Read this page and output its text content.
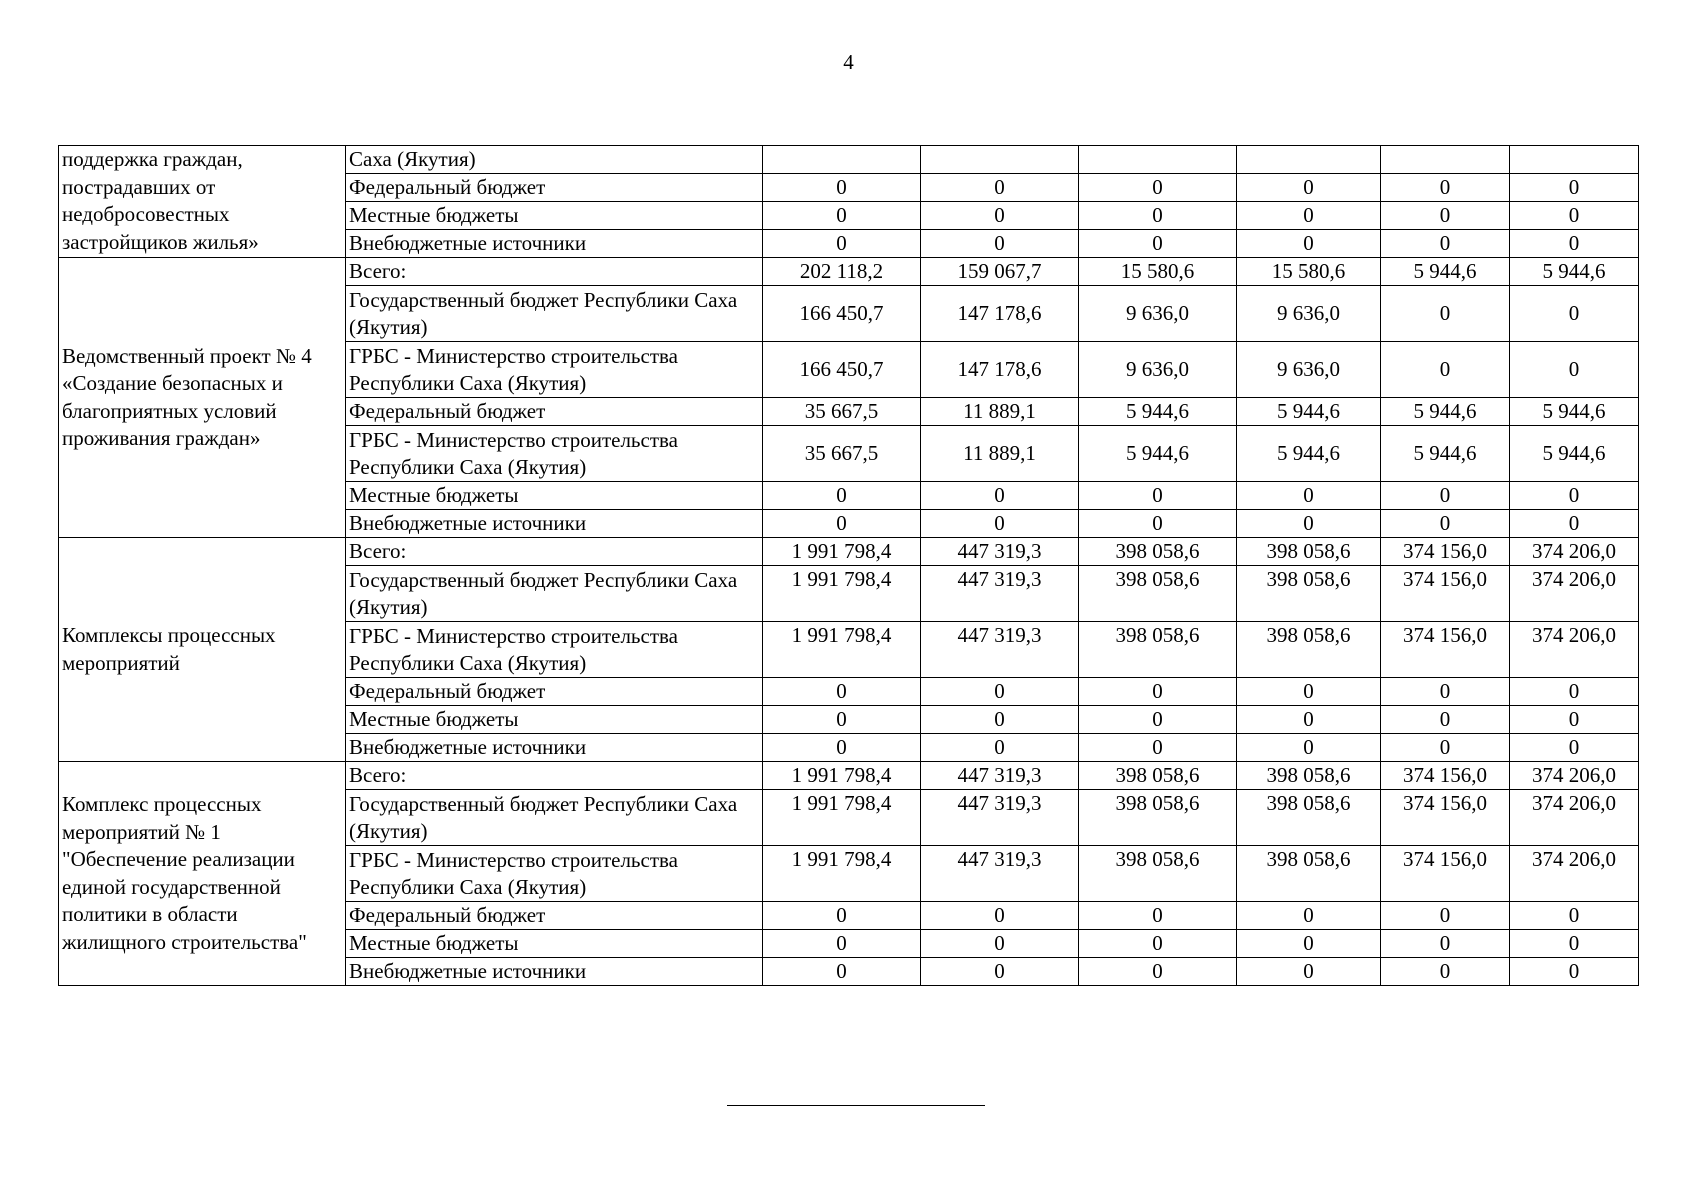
4
поддержка граждан, пострадавших от недобросовестных застройщиков жилья»	Саха (Якутия)						
	Федеральный бюджет	0	0	0	0	0	0
	Местные бюджеты	0	0	0	0	0	0
	Внебюджетные источники	0	0	0	0	0	0
Ведомственный проект № 4 «Создание безопасных и благоприятных условий проживания граждан»	Всего:	202 118,2	159 067,7	15 580,6	15 580,6	5 944,6	5 944,6
	Государственный бюджет Республики Саха (Якутия)	166 450,7	147 178,6	9 636,0	9 636,0	0	0
	ГРБС - Министерство строительства Республики Саха (Якутия)	166 450,7	147 178,6	9 636,0	9 636,0	0	0
	Федеральный бюджет	35 667,5	11 889,1	5 944,6	5 944,6	5 944,6	5 944,6
	ГРБС - Министерство строительства Республики Саха (Якутия)	35 667,5	11 889,1	5 944,6	5 944,6	5 944,6	5 944,6
	Местные бюджеты	0	0	0	0	0	0
	Внебюджетные источники	0	0	0	0	0	0
Комплексы процессных мероприятий	Всего:	1 991 798,4	447 319,3	398 058,6	398 058,6	374 156,0	374 206,0
	Государственный бюджет Республики Саха (Якутия)	1 991 798,4	447 319,3	398 058,6	398 058,6	374 156,0	374 206,0
	ГРБС - Министерство строительства Республики Саха (Якутия)	1 991 798,4	447 319,3	398 058,6	398 058,6	374 156,0	374 206,0
	Федеральный бюджет	0	0	0	0	0	0
	Местные бюджеты	0	0	0	0	0	0
	Внебюджетные источники	0	0	0	0	0	0
Комплекс процессных мероприятий № 1 "Обеспечение реализации единой государственной политики в области жилищного строительства"	Всего:	1 991 798,4	447 319,3	398 058,6	398 058,6	374 156,0	374 206,0
	Государственный бюджет Республики Саха (Якутия)	1 991 798,4	447 319,3	398 058,6	398 058,6	374 156,0	374 206,0
	ГРБС - Министерство строительства Республики Саха (Якутия)	1 991 798,4	447 319,3	398 058,6	398 058,6	374 156,0	374 206,0
	Федеральный бюджет	0	0	0	0	0	0
	Местные бюджеты	0	0	0	0	0	0
	Внебюджетные источники	0	0	0	0	0	0
